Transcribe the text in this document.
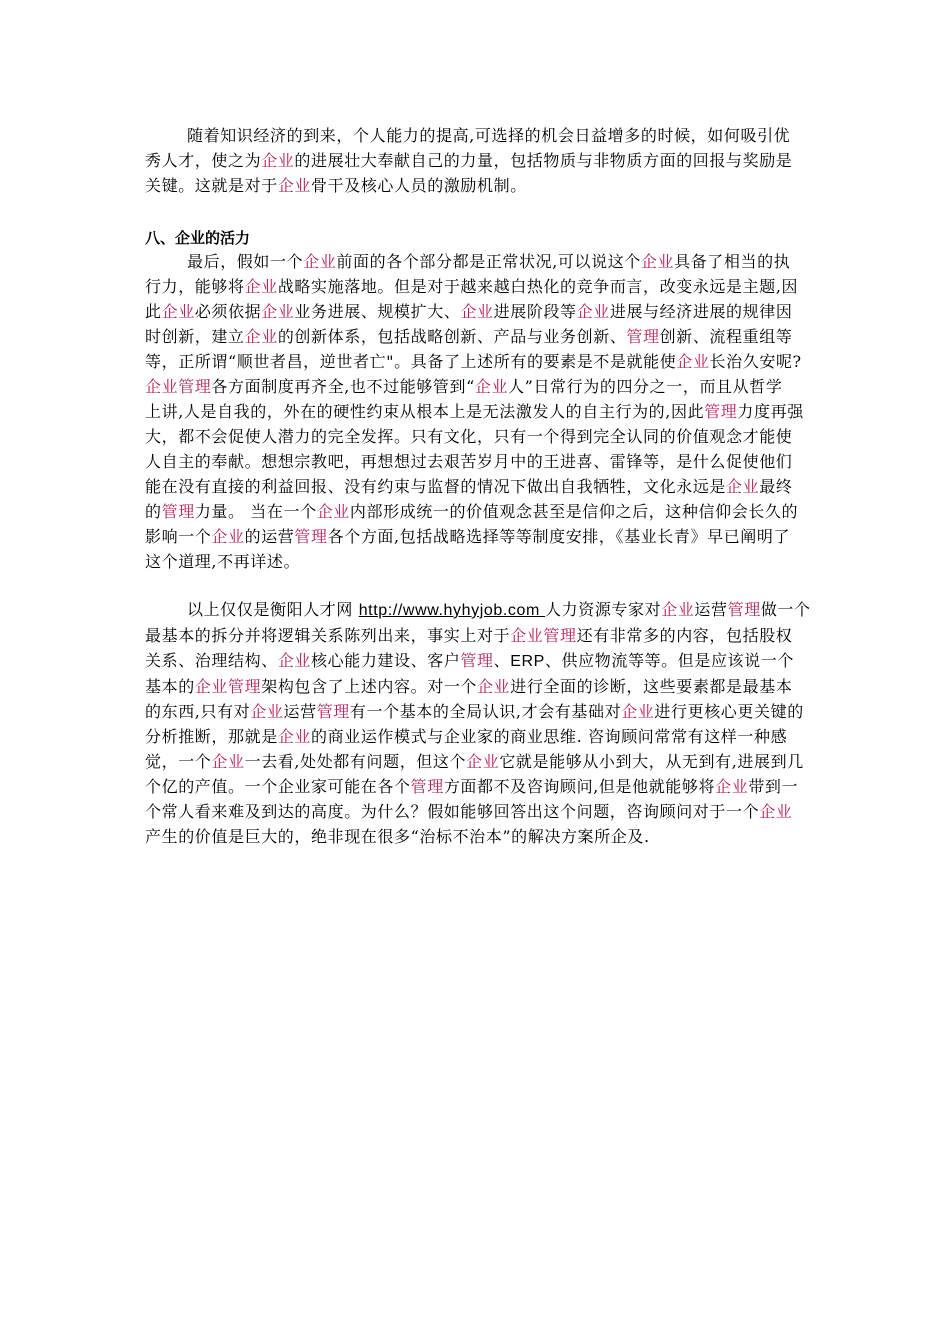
随着知识经济的到来，个人能力的提高,可选择的机会日益增多的时候，如何吸引优
秀人才，使之为企业的进展壮大奉献自己的力量，包括物质与非物质方面的回报与奖励是
关键。这就是对于企业骨干及核心人员的激励机制。
八、企业的活力
最后，假如一个企业前面的各个部分都是正常状况,可以说这个企业具备了相当的执
行力，能够将企业战略实施落地。但是对于越来越白热化的竞争而言，改变永远是主题,因
此企业必须依据企业业务进展、规模扩大、企业进展阶段等企业进展与经济进展的规律因
时创新，建立企业的创新体系，包括战略创新、产品与业务创新、管理创新、流程重组等
等，正所谓“顺世者昌，逆世者亡"。具备了上述所有的要素是不是就能使企业长治久安呢?
企业管理各方面制度再齐全,也不过能够管到“企业人”日常行为的四分之一，而且从哲学
上讲,人是自我的，外在的硬性约束从根本上是无法激发人的自主行为的,因此管理力度再强
大，都不会促使人潜力的完全发挥。只有文化，只有一个得到完全认同的价值观念才能使
人自主的奉献。想想宗教吧，再想想过去艰苦岁月中的王进喜、雷锋等，是什么促使他们
能在没有直接的利益回报、没有约束与监督的情况下做出自我牺牲，文化永远是企业最终
的管理力量。 当在一个企业内部形成统一的价值观念甚至是信仰之后，这种信仰会长久的
影响一个企业的运营管理各个方面,包括战略选择等等制度安排，《基业长青》早已阐明了
这个道理,不再详述。
以上仅仅是衡阳人才网 http://www.hyhyjob.com 人力资源专家对企业运营管理做一个
最基本的拆分并将逻辑关系陈列出来，事实上对于企业管理还有非常多的内容，包括股权
关系、治理结构、企业核心能力建设、客户管理、ERP、供应物流等等。但是应该说一个
基本的企业管理架构包含了上述内容。对一个企业进行全面的诊断，这些要素都是最基本
的东西,只有对企业运营管理有一个基本的全局认识,才会有基础对企业进行更核心更关键的
分析推断，那就是企业的商业运作模式与企业家的商业思维. 咨询顾问常常有这样一种感
觉，一个企业一去看,处处都有问题，但这个企业它就是能够从小到大，从无到有,进展到几
个亿的产值。一个企业家可能在各个管理方面都不及咨询顾问,但是他就能够将企业带到一
个常人看来难及到达的高度。为什么？假如能够回答出这个问题，咨询顾问对于一个企业
产生的价值是巨大的，绝非现在很多“治标不治本”的解决方案所企及.
